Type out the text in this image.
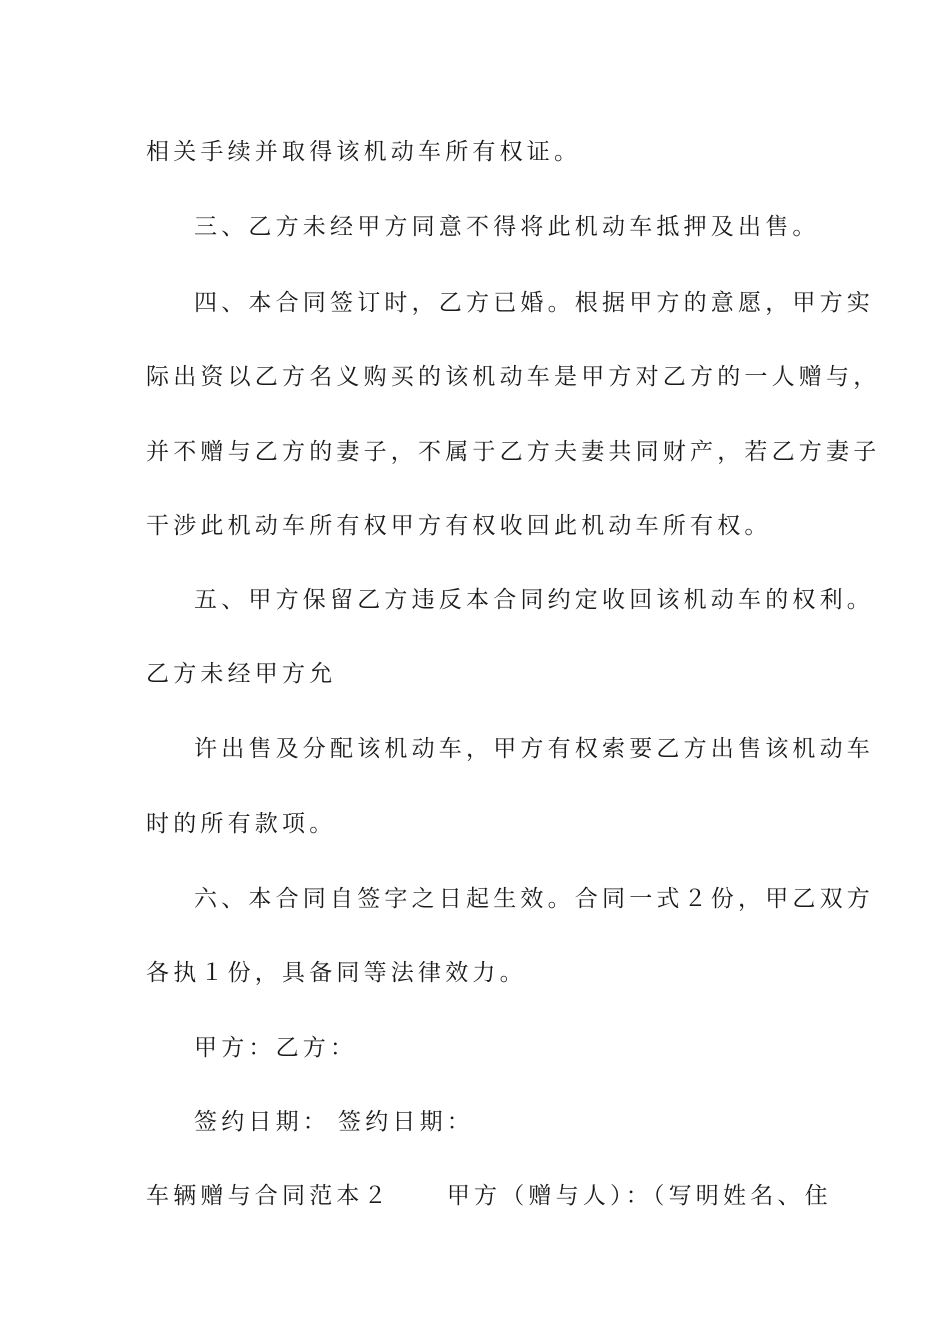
相关手续并取得该机动车所有权证。
三、乙方未经甲方同意不得将此机动车抵押及出售。
四、本合同签订时，乙方已婚。根据甲方的意愿，甲方实
际出资以乙方名义购买的该机动车是甲方对乙方的一人赠与，
并不赠与乙方的妻子，不属于乙方夫妻共同财产，若乙方妻子
干涉此机动车所有权甲方有权收回此机动车所有权。
五、甲方保留乙方违反本合同约定收回该机动车的权利。
乙方未经甲方允
许出售及分配该机动车，甲方有权索要乙方出售该机动车
时的所有款项。
六、本合同自签字之日起生效。合同一式２份，甲乙双方
各执１份，具备同等法律效力。
甲方：乙方：
签约日期： 签约日期：
车辆赠与合同范本２ 甲方（赠与人）：（写明姓名、住
